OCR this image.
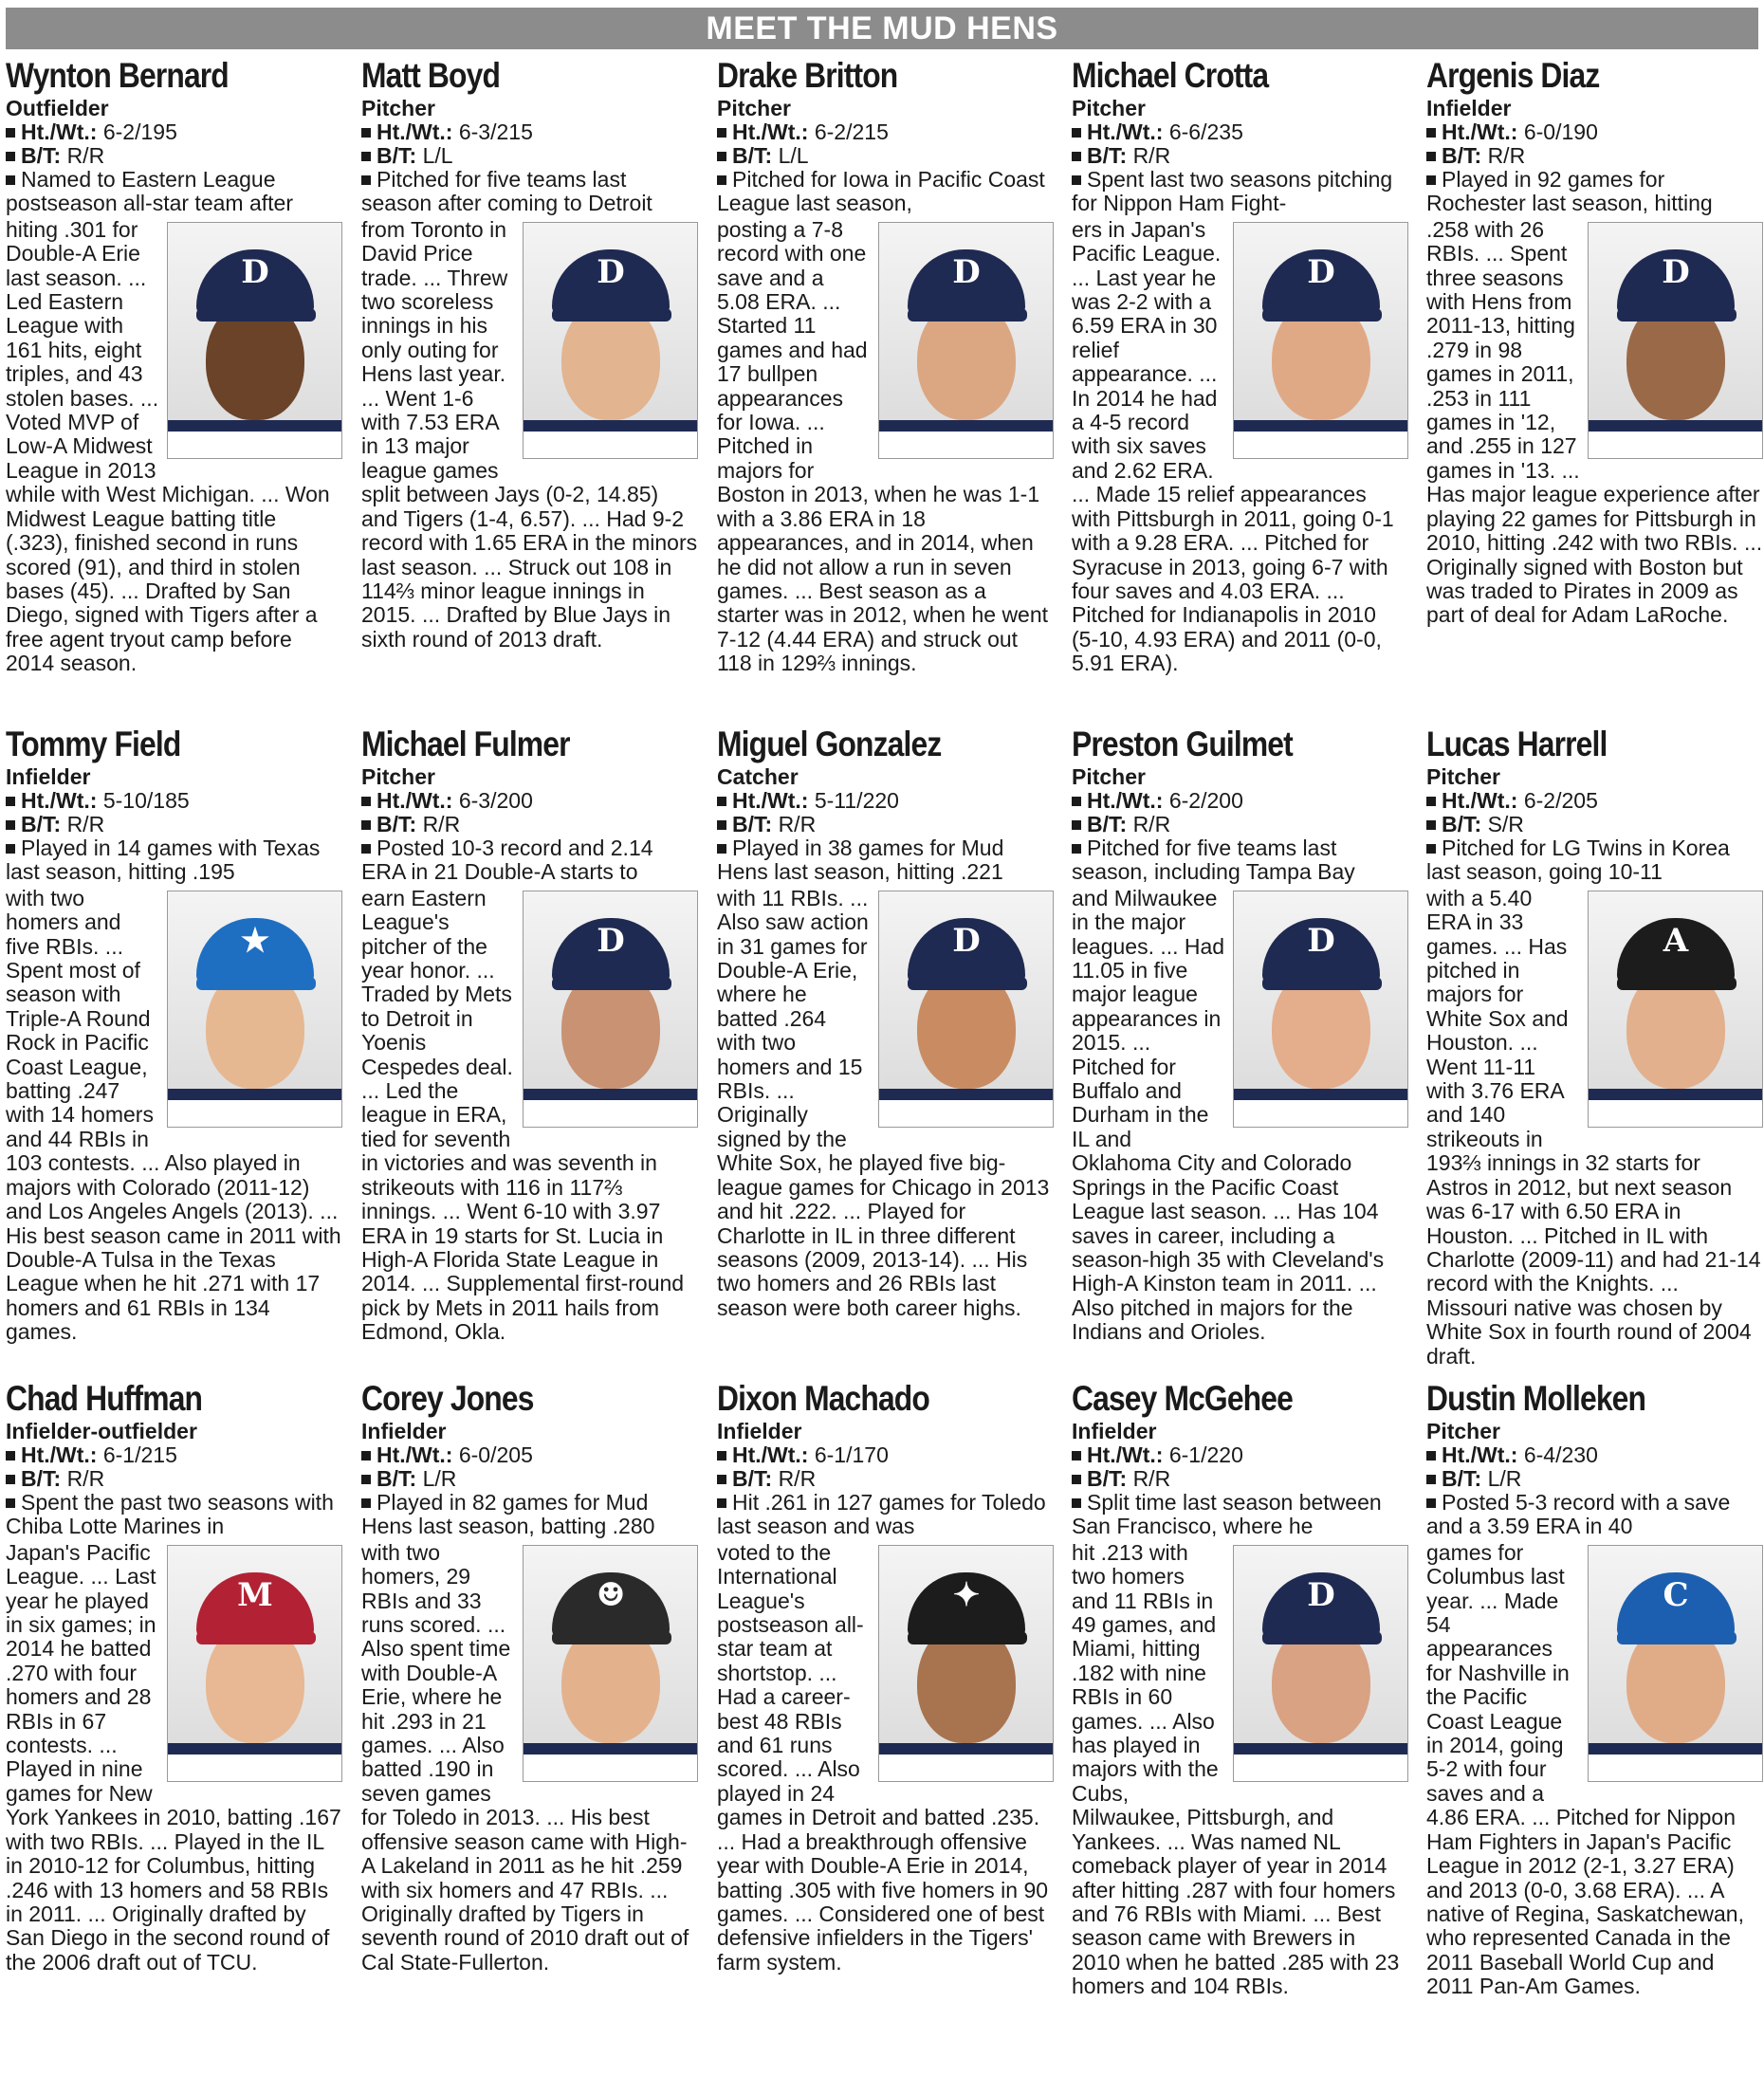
MEET THE MUD HENS
Wynton Bernard
Outfielder
Ht./Wt.: 6-2/195
B/T: R/R
Named to Eastern League postseason all-star team after
D
hiting .301 for Double-A Erie last season. ... Led Eastern League with 161 hits, eight triples, and 43 stolen bases. ... Voted MVP of Low-A Midwest League in 2013 while with West Michigan. ... Won Midwest League batting title (.323), finished second in runs scored (91), and third in stolen bases (45). ... Drafted by San Diego, signed with Tigers after a free agent tryout camp before 2014 season.
Matt Boyd
Pitcher
Ht./Wt.: 6-3/215
B/T: L/L
Pitched for five teams last season after coming to Detroit
D
from Toronto in David Price trade. ... Threw two scoreless innings in his only outing for Hens last year. ... Went 1-6 with 7.53 ERA in 13 major league games split between Jays (0-2, 14.85) and Tigers (1-4, 6.57). ... Had 9-2 record with 1.65 ERA in the minors last season. ... Struck out 108 in 114⅔ minor league innings in 2015. ... Drafted by Blue Jays in sixth round of 2013 draft.
Drake Britton
Pitcher
Ht./Wt.: 6-2/215
B/T: L/L
Pitched for Iowa in Pacific Coast League last season,
D
posting a 7-8 record with one save and a 5.08 ERA. ... Started 11 games and had 17 bullpen appearances for Iowa. ... Pitched in majors for Boston in 2013, when he was 1-1 with a 3.86 ERA in 18 appearances, and in 2014, when he did not allow a run in seven games. ... Best season as a starter was in 2012, when he went 7-12 (4.44 ERA) and struck out 118 in 129⅔ innings.
Michael Crotta
Pitcher
Ht./Wt.: 6-6/235
B/T: R/R
Spent last two seasons pitching for Nippon Ham Fight-
D
ers in Japan's Pacific League. ... Last year he was 2-2 with a 6.59 ERA in 30 relief appearance. ... In 2014 he had a 4-5 record with six saves and 2.62 ERA. ... Made 15 relief appearances with Pittsburgh in 2011, going 0-1 with a 9.28 ERA. ... Pitched for Syracuse in 2013, going 6-7 with four saves and 4.03 ERA. ... Pitched for Indianapolis in 2010 (5-10, 4.93 ERA) and 2011 (0-0, 5.91 ERA).
Argenis Diaz
Infielder
Ht./Wt.: 6-0/190
B/T: R/R
Played in 92 games for Rochester last season, hitting
D
.258 with 26 RBIs. ... Spent three seasons with Hens from 2011-13, hitting .279 in 98 games in 2011, .253 in 111 games in '12, and .255 in 127 games in '13. ... Has major league experience after playing 22 games for Pittsburgh in 2010, hitting .242 with two RBIs. ... Originally signed with Boston but was traded to Pirates in 2009 as part of deal for Adam LaRoche.
Tommy Field
Infielder
Ht./Wt.: 5-10/185
B/T: R/R
Played in 14 games with Texas last season, hitting .195
★
with two homers and five RBIs. ... Spent most of season with Triple-A Round Rock in Pacific Coast League, batting .247 with 14 homers and 44 RBIs in 103 contests. ... Also played in majors with Colorado (2011-12) and Los Angeles Angels (2013). ... His best season came in 2011 with Double-A Tulsa in the Texas League when he hit .271 with 17 homers and 61 RBIs in 134 games.
Michael Fulmer
Pitcher
Ht./Wt.: 6-3/200
B/T: R/R
Posted 10-3 record and 2.14 ERA in 21 Double-A starts to
D
earn Eastern League's pitcher of the year honor. ... Traded by Mets to Detroit in Yoenis Cespedes deal. ... Led the league in ERA, tied for seventh in victories and was seventh in strikeouts with 116 in 117⅔ innings. ... Went 6-10 with 3.97 ERA in 19 starts for St. Lucia in High-A Florida State League in 2014. ... Supplemental first-round pick by Mets in 2011 hails from Edmond, Okla.
Miguel Gonzalez
Catcher
Ht./Wt.: 5-11/220
B/T: R/R
Played in 38 games for Mud Hens last season, hitting .221
D
with 11 RBIs. ... Also saw action in 31 games for Double-A Erie, where he batted .264 with two homers and 15 RBIs. ... Originally signed by the White Sox, he played five big-league games for Chicago in 2013 and hit .222. ... Played for Charlotte in IL in three different seasons (2009, 2013-14). ... His two homers and 26 RBIs last season were both career highs.
Preston Guilmet
Pitcher
Ht./Wt.: 6-2/200
B/T: R/R
Pitched for five teams last season, including Tampa Bay
D
and Milwaukee in the major leagues. ... Had 11.05 in five major league appearances in 2015. ... Pitched for Buffalo and Durham in the IL and Oklahoma City and Colorado Springs in the Pacific Coast League last season. ... Has 104 saves in career, including a season-high 35 with Cleveland's High-A Kinston team in 2011. ... Also pitched in majors for the Indians and Orioles.
Lucas Harrell
Pitcher
Ht./Wt.: 6-2/205
B/T: S/R
Pitched for LG Twins in Korea last season, going 10-11
A
with a 5.40 ERA in 33 games. ... Has pitched in majors for White Sox and Houston. ... Went 11-11 with 3.76 ERA and 140 strikeouts in 193⅔ innings in 32 starts for Astros in 2012, but next season was 6-17 with 6.50 ERA in Houston. ... Pitched in IL with Charlotte (2009-11) and had 21-14 record with the Knights. ... Missouri native was chosen by White Sox in fourth round of 2004 draft.
Chad Huffman
Infielder-outfielder
Ht./Wt.: 6-1/215
B/T: R/R
Spent the past two seasons with Chiba Lotte Marines in
M
Japan's Pacific League. ... Last year he played in six games; in 2014 he batted .270 with four homers and 28 RBIs in 67 contests. ... Played in nine games for New York Yankees in 2010, batting .167 with two RBIs. ... Played in the IL in 2010-12 for Columbus, hitting .246 with 13 homers and 58 RBIs in 2011. ... Originally drafted by San Diego in the second round of the 2006 draft out of TCU.
Corey Jones
Infielder
Ht./Wt.: 6-0/205
B/T: L/R
Played in 82 games for Mud Hens last season, batting .280
☻
with two homers, 29 RBIs and 33 runs scored. ... Also spent time with Double-A Erie, where he hit .293 in 21 games. ... Also batted .190 in seven games for Toledo in 2013. ... His best offensive season came with High-A Lakeland in 2011 as he hit .259 with six homers and 47 RBIs. ... Originally drafted by Tigers in seventh round of 2010 draft out of Cal State-Fullerton.
Dixon Machado
Infielder
Ht./Wt.: 6-1/170
B/T: R/R
Hit .261 in 127 games for Toledo last season and was
✦
voted to the International League's postseason all-star team at shortstop. ... Had a career-best 48 RBIs and 61 runs scored. ... Also played in 24 games in Detroit and batted .235. ... Had a breakthrough offensive year with Double-A Erie in 2014, batting .305 with five homers in 90 games. ... Considered one of best defensive infielders in the Tigers' farm system.
Casey McGehee
Infielder
Ht./Wt.: 6-1/220
B/T: R/R
Split time last season between San Francisco, where he
D
hit .213 with two homers and 11 RBIs in 49 games, and Miami, hitting .182 with nine RBIs in 60 games. ... Also has played in majors with the Cubs, Milwaukee, Pittsburgh, and Yankees. ... Was named NL comeback player of year in 2014 after hitting .287 with four homers and 76 RBIs with Miami. ... Best season came with Brewers in 2010 when he batted .285 with 23 homers and 104 RBIs.
Dustin Molleken
Pitcher
Ht./Wt.: 6-4/230
B/T: L/R
Posted 5-3 record with a save and a 3.59 ERA in 40
C
games for Columbus last year. ... Made 54 appearances for Nashville in the Pacific Coast League in 2014, going 5-2 with four saves and a 4.86 ERA. ... Pitched for Nippon Ham Fighters in Japan's Pacific League in 2012 (2-1, 3.27 ERA) and 2013 (0-0, 3.68 ERA). ... A native of Regina, Saskatchewan, who represented Canada in the 2011 Baseball World Cup and 2011 Pan-Am Games.
